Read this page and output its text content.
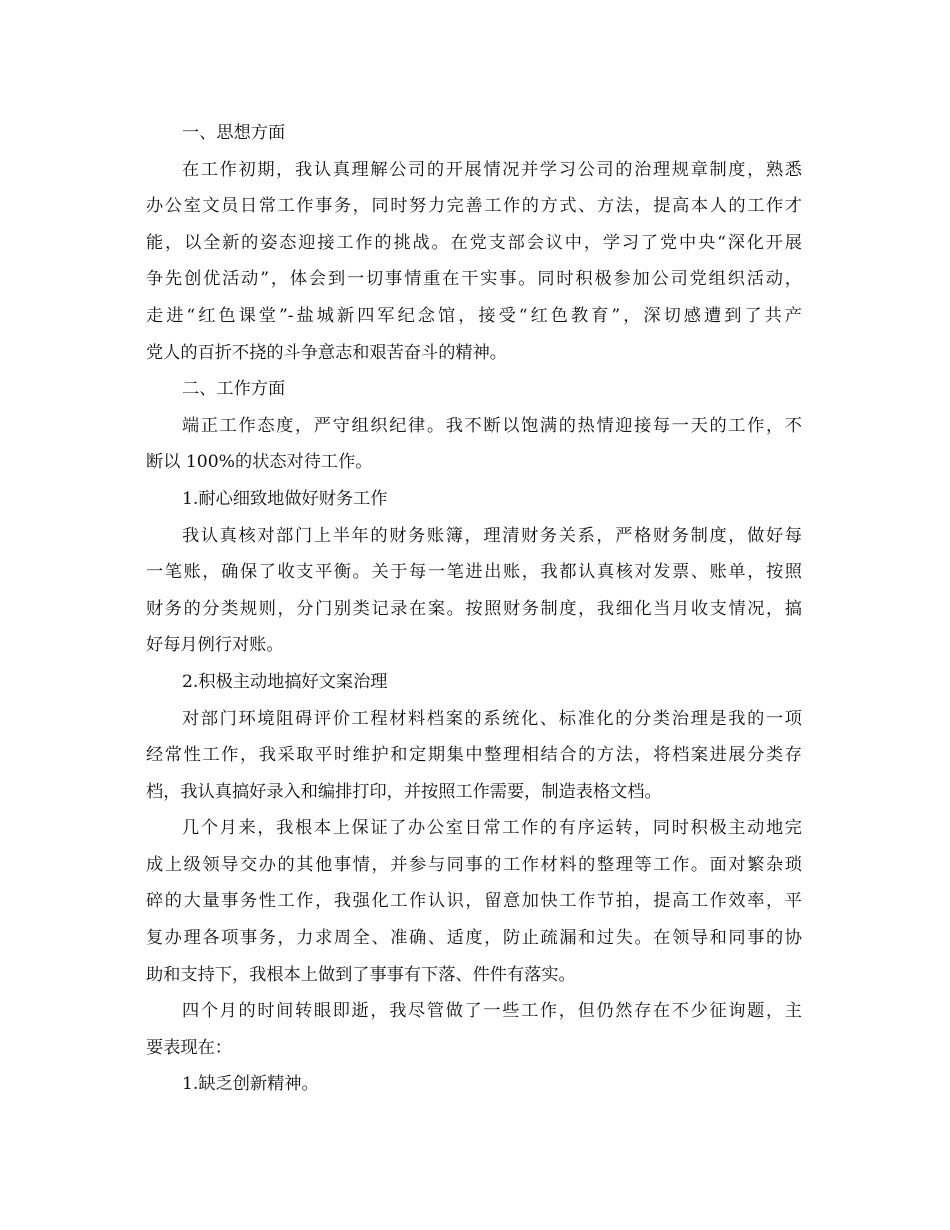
一、思想方面
在工作初期，我认真理解公司的开展情况并学习公司的治理规章制度，熟悉
办公室文员日常工作事务，同时努力完善工作的方式、方法，提高本人的工作才
能，以全新的姿态迎接工作的挑战。在党支部会议中，学习了党中央“深化开展
争先创优活动”，体会到一切事情重在干实事。同时积极参加公司党组织活动，
走进“红色课堂”-盐城新四军纪念馆，接受“红色教育”，深切感遭到了共产
党人的百折不挠的斗争意志和艰苦奋斗的精神。
二、工作方面
端正工作态度，严守组织纪律。我不断以饱满的热情迎接每一天的工作，不
断以 100%的状态对待工作。
1.耐心细致地做好财务工作
我认真核对部门上半年的财务账簿，理清财务关系，严格财务制度，做好每
一笔账，确保了收支平衡。关于每一笔进出账，我都认真核对发票、账单，按照
财务的分类规则，分门别类记录在案。按照财务制度，我细化当月收支情况，搞
好每月例行对账。
2.积极主动地搞好文案治理
对部门环境阻碍评价工程材料档案的系统化、标准化的分类治理是我的一项
经常性工作，我采取平时维护和定期集中整理相结合的方法，将档案进展分类存
档，我认真搞好录入和编排打印，并按照工作需要，制造表格文档。
几个月来，我根本上保证了办公室日常工作的有序运转，同时积极主动地完
成上级领导交办的其他事情，并参与同事的工作材料的整理等工作。面对繁杂琐
碎的大量事务性工作，我强化工作认识，留意加快工作节拍，提高工作效率，平
复办理各项事务，力求周全、准确、适度，防止疏漏和过失。在领导和同事的协
助和支持下，我根本上做到了事事有下落、件件有落实。
四个月的时间转眼即逝，我尽管做了一些工作，但仍然存在不少征询题，主
要表现在：
1.缺乏创新精神。
